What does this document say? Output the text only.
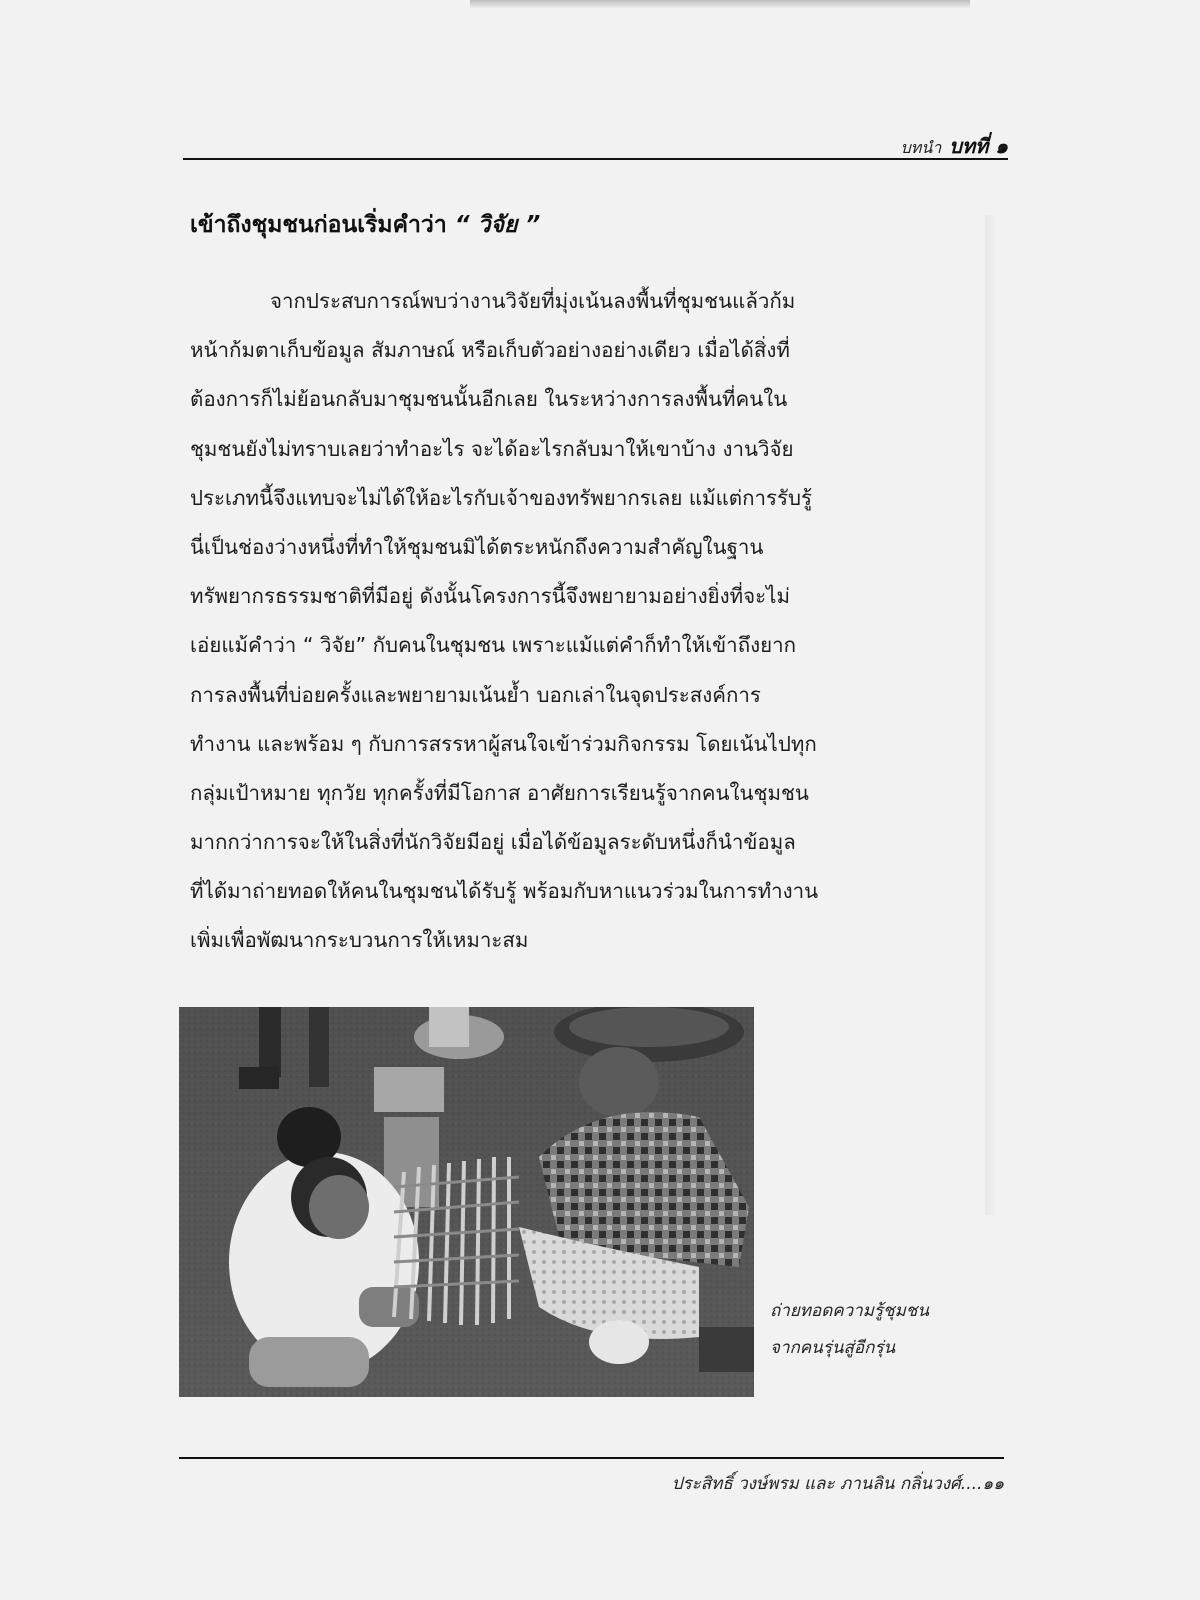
บทนำ บทที่ ๑
เข้าถึงชุมชนก่อนเริ่มคำว่า “ วิจัย ”
จากประสบการณ์พบว่างานวิจัยที่มุ่งเน้นลงพื้นที่ชุมชนแล้วก้ม
หน้าก้มตาเก็บข้อมูล สัมภาษณ์ หรือเก็บตัวอย่างอย่างเดียว เมื่อได้สิ่งที่
ต้องการก็ไม่ย้อนกลับมาชุมชนนั้นอีกเลย ในระหว่างการลงพื้นที่คนใน
ชุมชนยังไม่ทราบเลยว่าทำอะไร จะได้อะไรกลับมาให้เขาบ้าง งานวิจัย
ประเภทนี้จึงแทบจะไม่ได้ให้อะไรกับเจ้าของทรัพยากรเลย แม้แต่การรับรู้
นี่เป็นช่องว่างหนึ่งที่ทำให้ชุมชนมิได้ตระหนักถึงความสำคัญในฐาน
ทรัพยากรธรรมชาติที่มีอยู่ ดังนั้นโครงการนี้จึงพยายามอย่างยิ่งที่จะไม่
เอ่ยแม้คำว่า “ วิจัย” กับคนในชุมชน เพราะแม้แต่คำก็ทำให้เข้าถึงยาก
การลงพื้นที่บ่อยครั้งและพยายามเน้นย้ำ บอกเล่าในจุดประสงค์การ
ทำงาน และพร้อม ๆ กับการสรรหาผู้สนใจเข้าร่วมกิจกรรม โดยเน้นไปทุก
กลุ่มเป้าหมาย ทุกวัย ทุกครั้งที่มีโอกาส อาศัยการเรียนรู้จากคนในชุมชน
มากกว่าการจะให้ในสิ่งที่นักวิจัยมีอยู่ เมื่อได้ข้อมูลระดับหนึ่งก็นำข้อมูล
ที่ได้มาถ่ายทอดให้คนในชุมชนได้รับรู้ พร้อมกับหาแนวร่วมในการทำงาน
เพิ่มเพื่อพัฒนากระบวนการให้เหมาะสม
ถ่ายทอดความรู้ชุมชน
จากคนรุ่นสู่อีกรุ่น
ประสิทธิ์ วงษ์พรม และ ภานลิน กลิ่นวงศ์....๑๑
